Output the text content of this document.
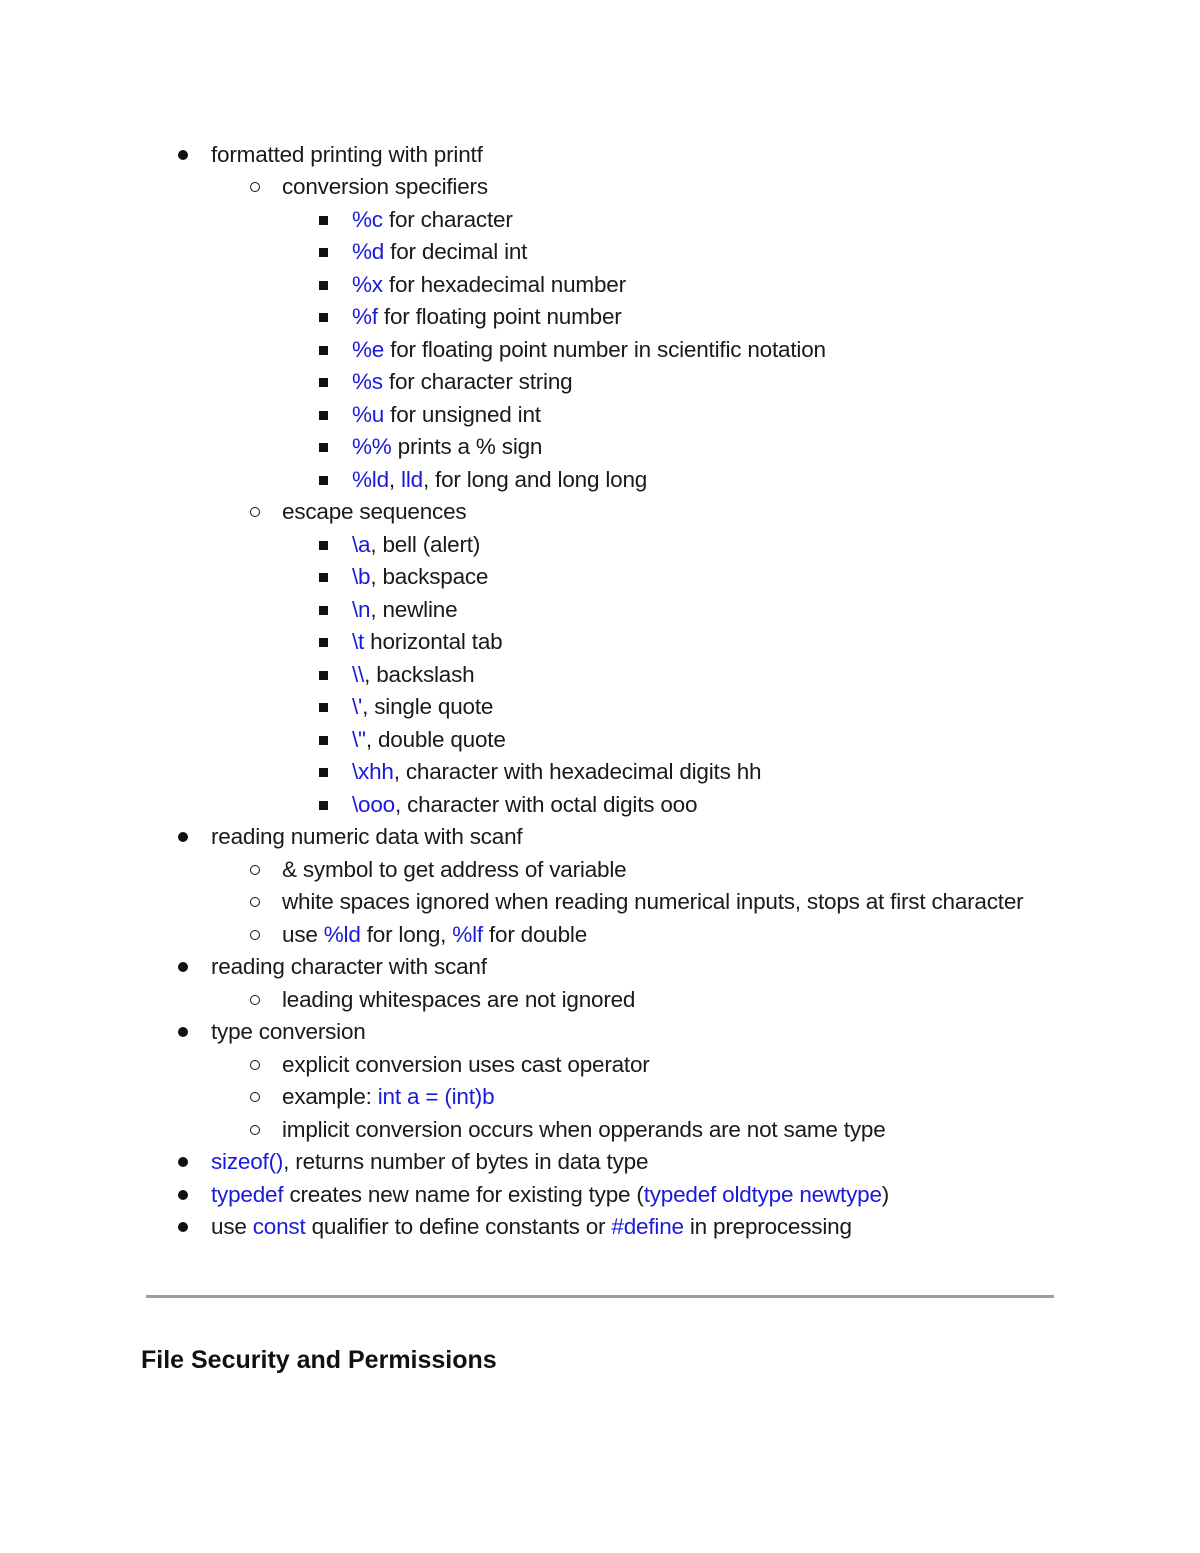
formatted printing with printf
conversion specifiers
%c for character
%d for decimal int
%x for hexadecimal number
%f for floating point number
%e for floating point number in scientific notation
%s for character string
%u for unsigned int
%% prints a % sign
%ld, lld, for long and long long
escape sequences
\a, bell (alert)
\b, backspace
\n, newline
\t horizontal tab
\\, backslash
\', single quote
\", double quote
\xhh, character with hexadecimal digits hh
\ooo, character with octal digits ooo
reading numeric data with scanf
& symbol to get address of variable
white spaces ignored when reading numerical inputs, stops at first character
use %ld for long, %lf for double
reading character with scanf
leading whitespaces are not ignored
type conversion
explicit conversion uses cast operator
example: int a = (int)b
implicit conversion occurs when opperands are not same type
sizeof(), returns number of bytes in data type
typedef creates new name for existing type (typedef oldtype newtype)
use const qualifier to define constants or #define in preprocessing
File Security and Permissions
